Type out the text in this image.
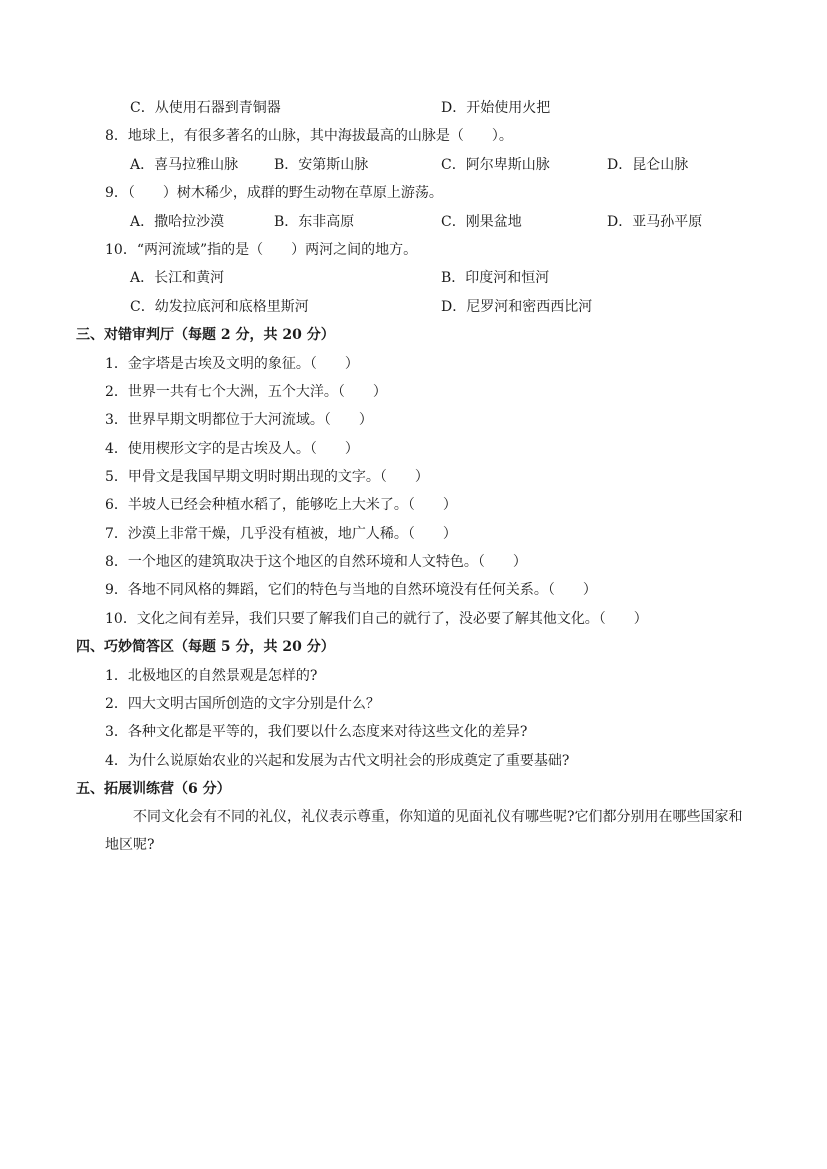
C．从使用石器到青铜器	D．开始使用火把
8．地球上，有很多著名的山脉，其中海拔最高的山脉是（　　）。
A．喜马拉雅山脉	B．安第斯山脉	C．阿尔卑斯山脉	D．昆仑山脉
9．（　　）树木稀少，成群的野生动物在草原上游荡。
A．撒哈拉沙漠	B．东非高原	C．刚果盆地	D．亚马孙平原
10．“两河流域”指的是（　　）两河之间的地方。
A．长江和黄河	B．印度河和恒河
C．幼发拉底河和底格里斯河	D．尼罗河和密西西比河
三、对错审判厅（每题 2 分，共 20 分）
1．金字塔是古埃及文明的象征。（　　）
2．世界一共有七个大洲，五个大洋。（　　）
3．世界早期文明都位于大河流域。（　　）
4．使用楔形文字的是古埃及人。（　　）
5．甲骨文是我国早期文明时期出现的文字。（　　）
6．半坡人已经会种植水稻了，能够吃上大米了。（　　）
7．沙漠上非常干燥，几乎没有植被，地广人稀。（　　）
8．一个地区的建筑取决于这个地区的自然环境和人文特色。（　　）
9．各地不同风格的舞蹈，它们的特色与当地的自然环境没有任何关系。（　　）
10．文化之间有差异，我们只要了解我们自己的就行了，没必要了解其他文化。（　　）
四、巧妙简答区（每题 5 分，共 20 分）
1．北极地区的自然景观是怎样的?
2．四大文明古国所创造的文字分别是什么？
3．各种文化都是平等的，我们要以什么态度来对待这些文化的差异?
4．为什么说原始农业的兴起和发展为古代文明社会的形成奠定了重要基础?
五、拓展训练营（6 分）
不同文化会有不同的礼仪，礼仪表示尊重，你知道的见面礼仪有哪些呢?它们都分别用在哪些国家和地区呢?
